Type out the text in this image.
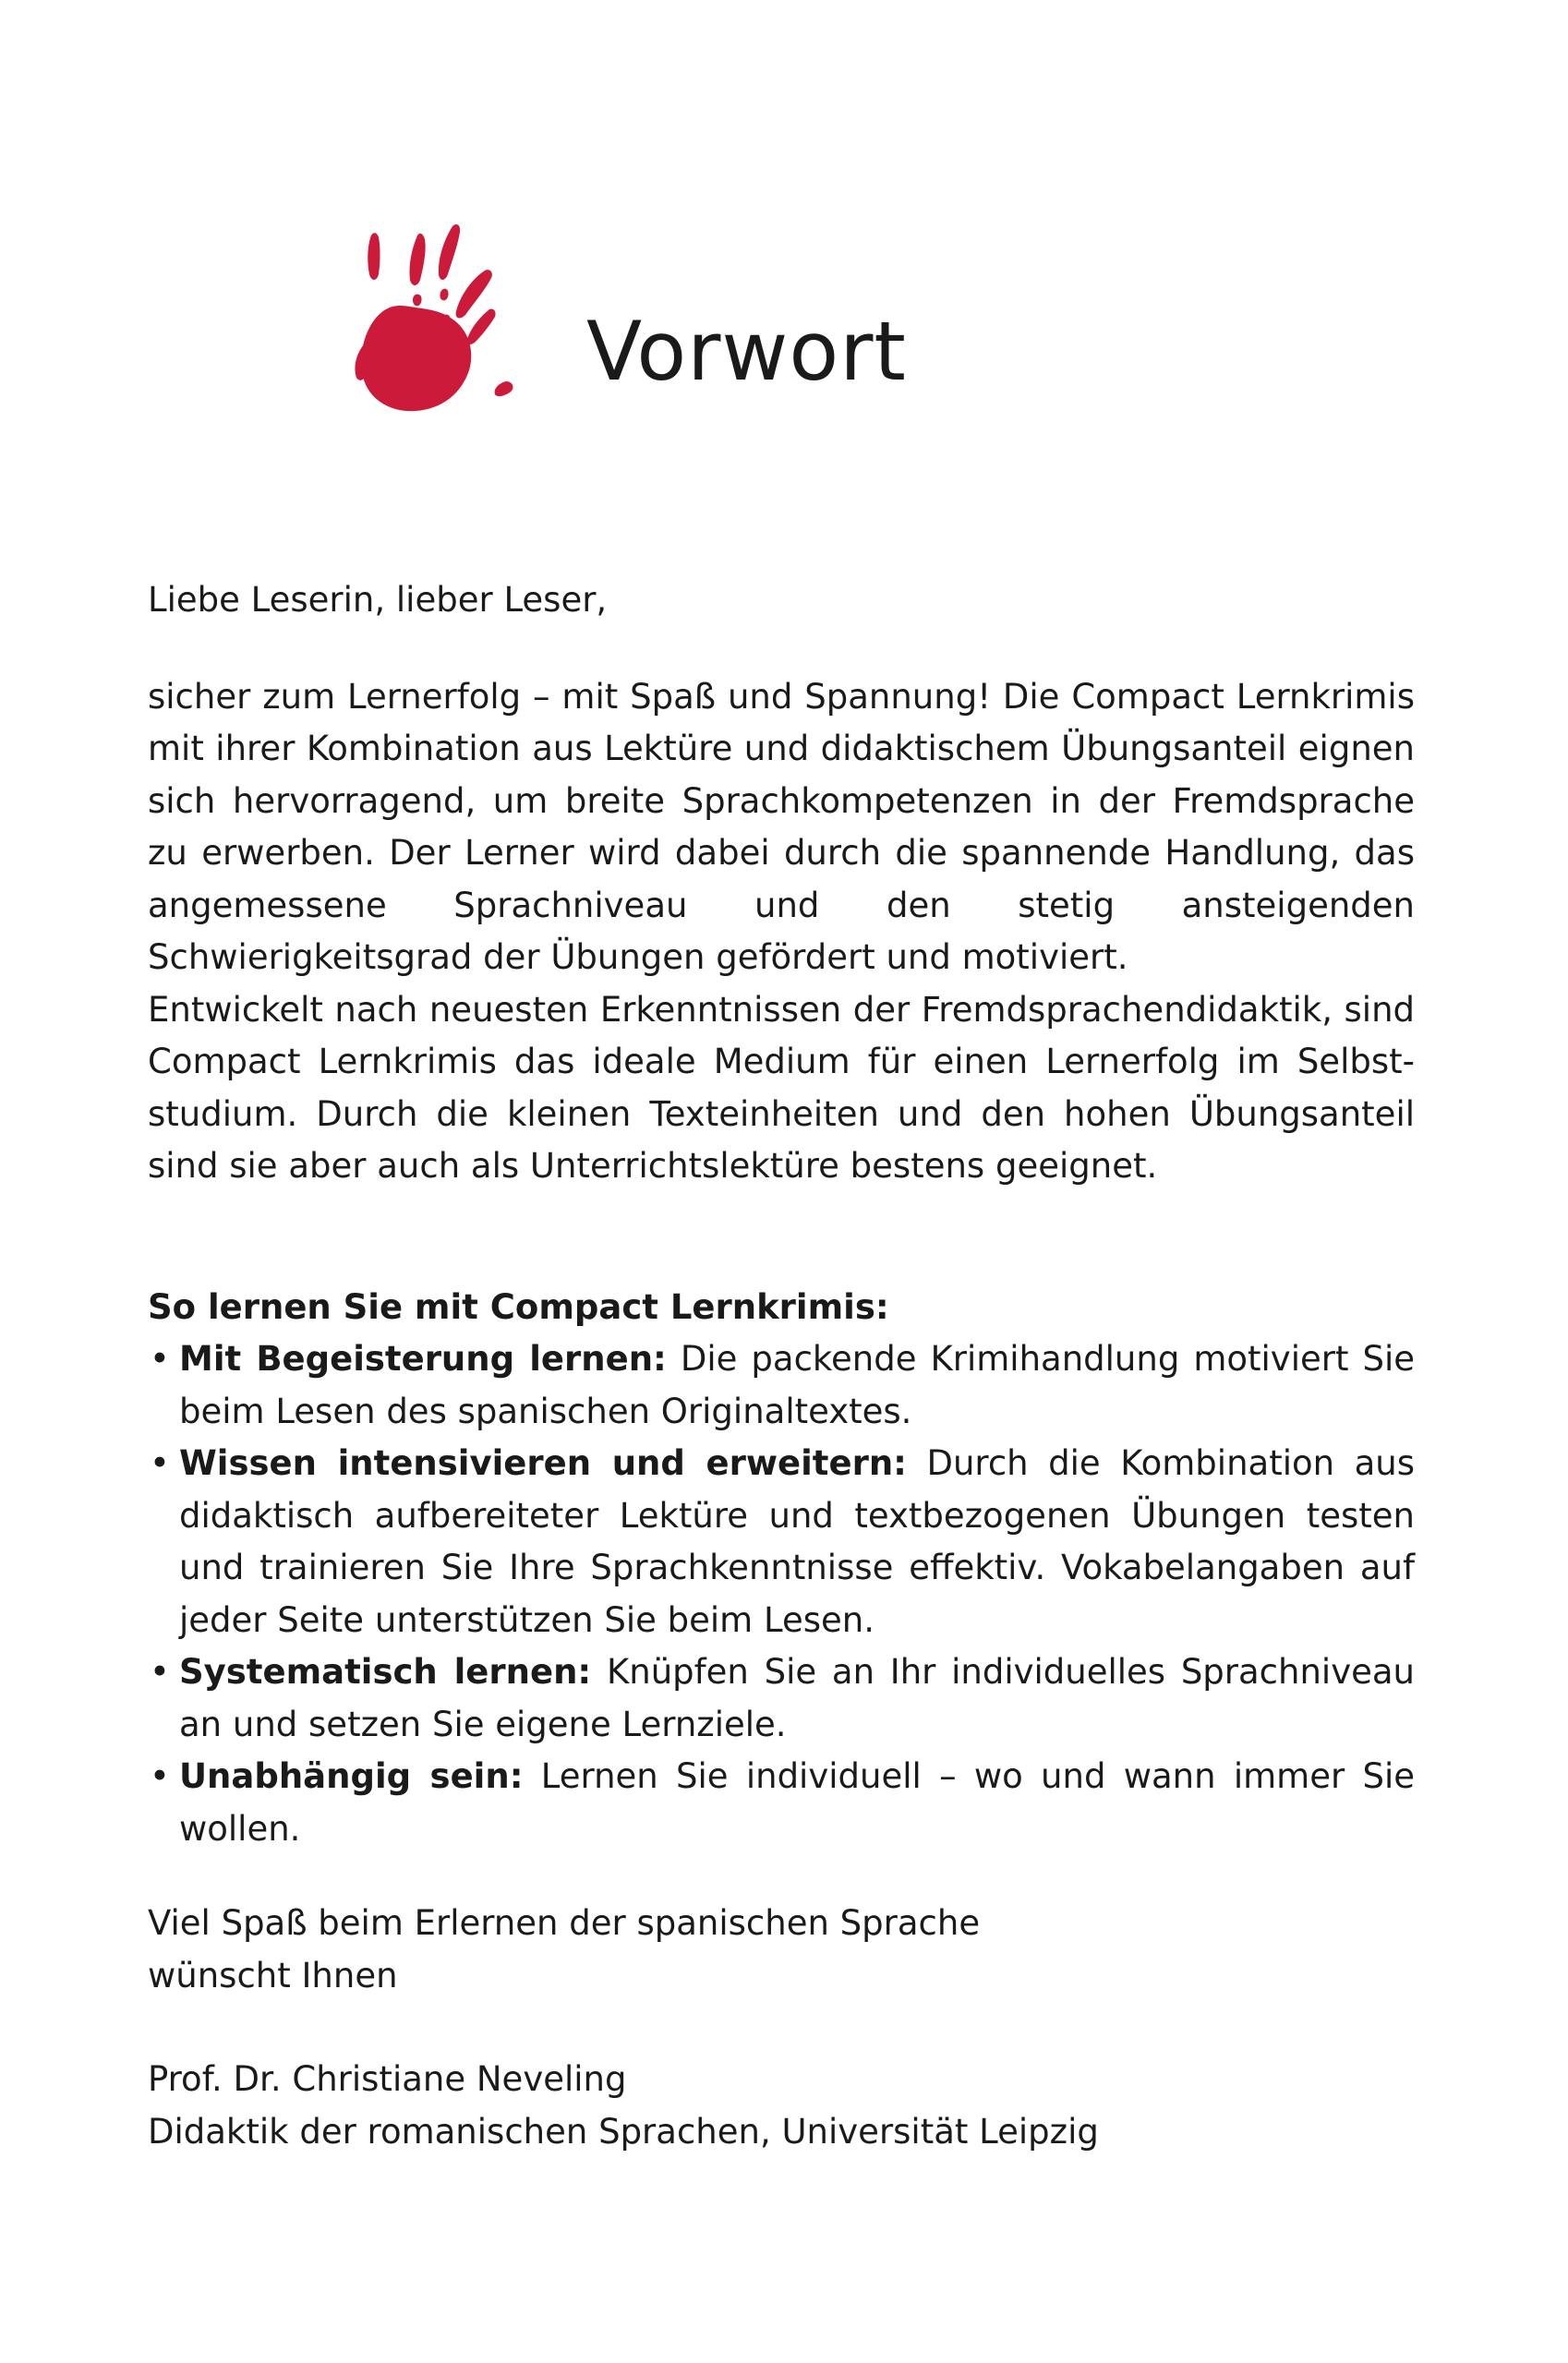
Vorwort

Liebe Leserin, lieber Leser,

sicher zum Lernerfolg – mit Spaß und Spannung! Die Compact Lernkrimis mit ihrer Kombination aus Lektüre und didaktischem Übungsanteil eignen sich hervorragend, um breite Sprachkompetenzen in der Fremdsprache zu erwerben. Der Lerner wird dabei durch die spannende Handlung, das angemessene Sprachniveau und den stetig ansteigenden Schwierigkeitsgrad der Übungen gefördert und motiviert.

Entwickelt nach neuesten Erkenntnissen der Fremdsprachendidaktik, sind Compact Lernkrimis das ideale Medium für einen Lernerfolg im Selbststudium. Durch die kleinen Texteinheiten und den hohen Übungsanteil sind sie aber auch als Unterrichtslektüre bestens geeignet.

So lernen Sie mit Compact Lernkrimis:

• Mit Begeisterung lernen: Die packende Krimihandlung motiviert Sie beim Lesen des spanischen Originaltextes.
• Wissen intensivieren und erweitern: Durch die Kombination aus didaktisch aufbereiteter Lektüre und textbezogenen Übungen testen und trainieren Sie Ihre Sprachkenntnisse effektiv. Vokabelangaben auf jeder Seite unterstützen Sie beim Lesen.
• Systematisch lernen: Knüpfen Sie an Ihr individuelles Sprachniveau an und setzen Sie eigene Lernziele.
• Unabhängig sein: Lernen Sie individuell – wo und wann immer Sie wollen.

Viel Spaß beim Erlernen der spanischen Sprache
wünscht Ihnen

Prof. Dr. Christiane Neveling
Didaktik der romanischen Sprachen, Universität Leipzig
